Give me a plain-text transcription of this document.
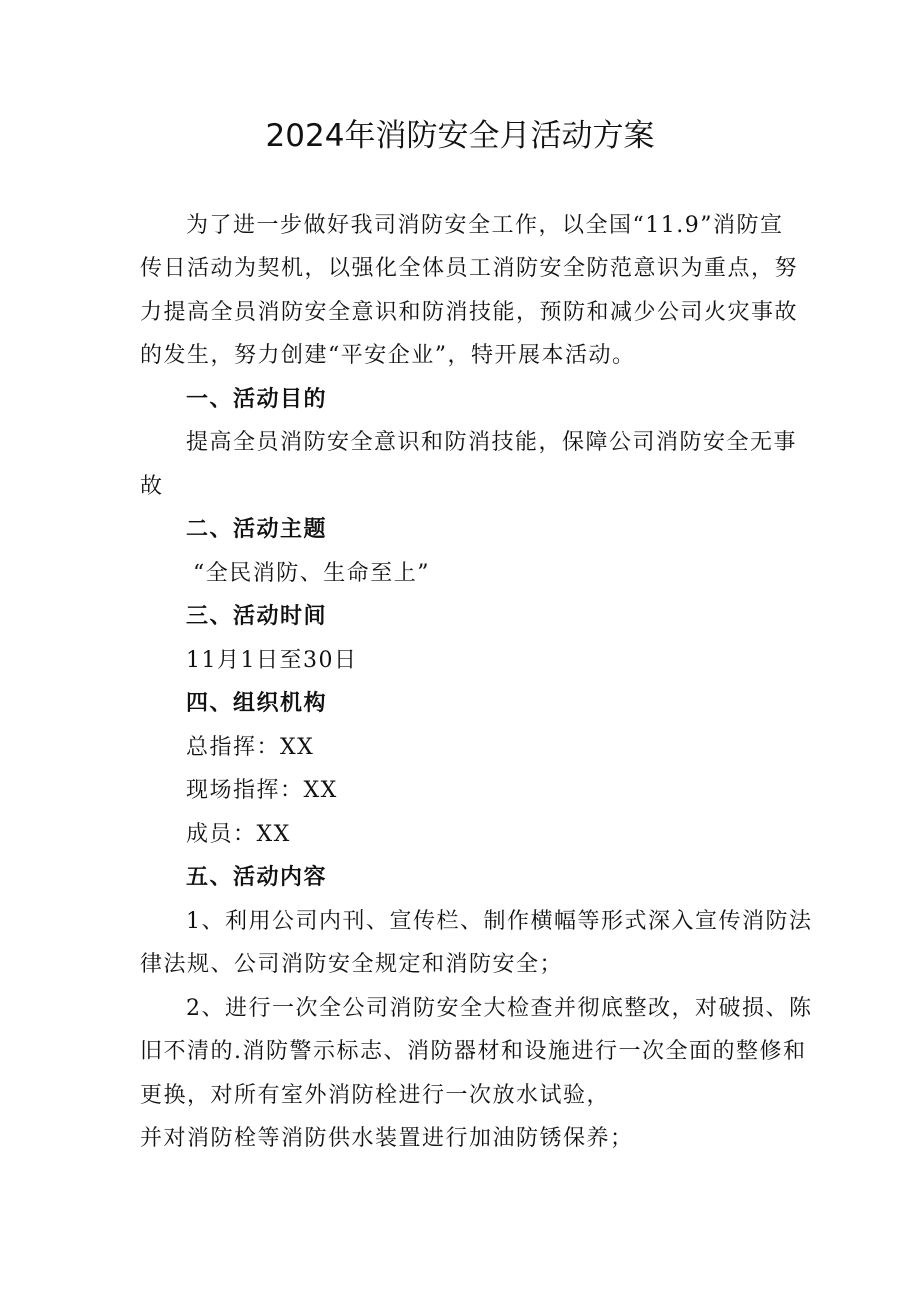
2024年消防安全月活动方案

为了进一步做好我司消防安全工作，以全国“11.9”消防宣

传日活动为契机，以强化全体员工消防安全防范意识为重点，努

力提高全员消防安全意识和防消技能，预防和减少公司火灾事故

的发生，努力创建“平安企业”，特开展本活动。

一、活动目的

提高全员消防安全意识和防消技能，保障公司消防安全无事

故

二、活动主题

“全民消防、生命至上”

三、活动时间

11月1日至30日

四、组织机构

总指挥：XX

现场指挥：XX

成员：XX

五、活动内容

1、利用公司内刊、宣传栏、制作横幅等形式深入宣传消防法

律法规、公司消防安全规定和消防安全；

2、进行一次全公司消防安全大检查并彻底整改，对破损、陈

旧不清的.消防警示标志、消防器材和设施进行一次全面的整修和

更换，对所有室外消防栓进行一次放水试验，

并对消防栓等消防供水装置进行加油防锈保养；
